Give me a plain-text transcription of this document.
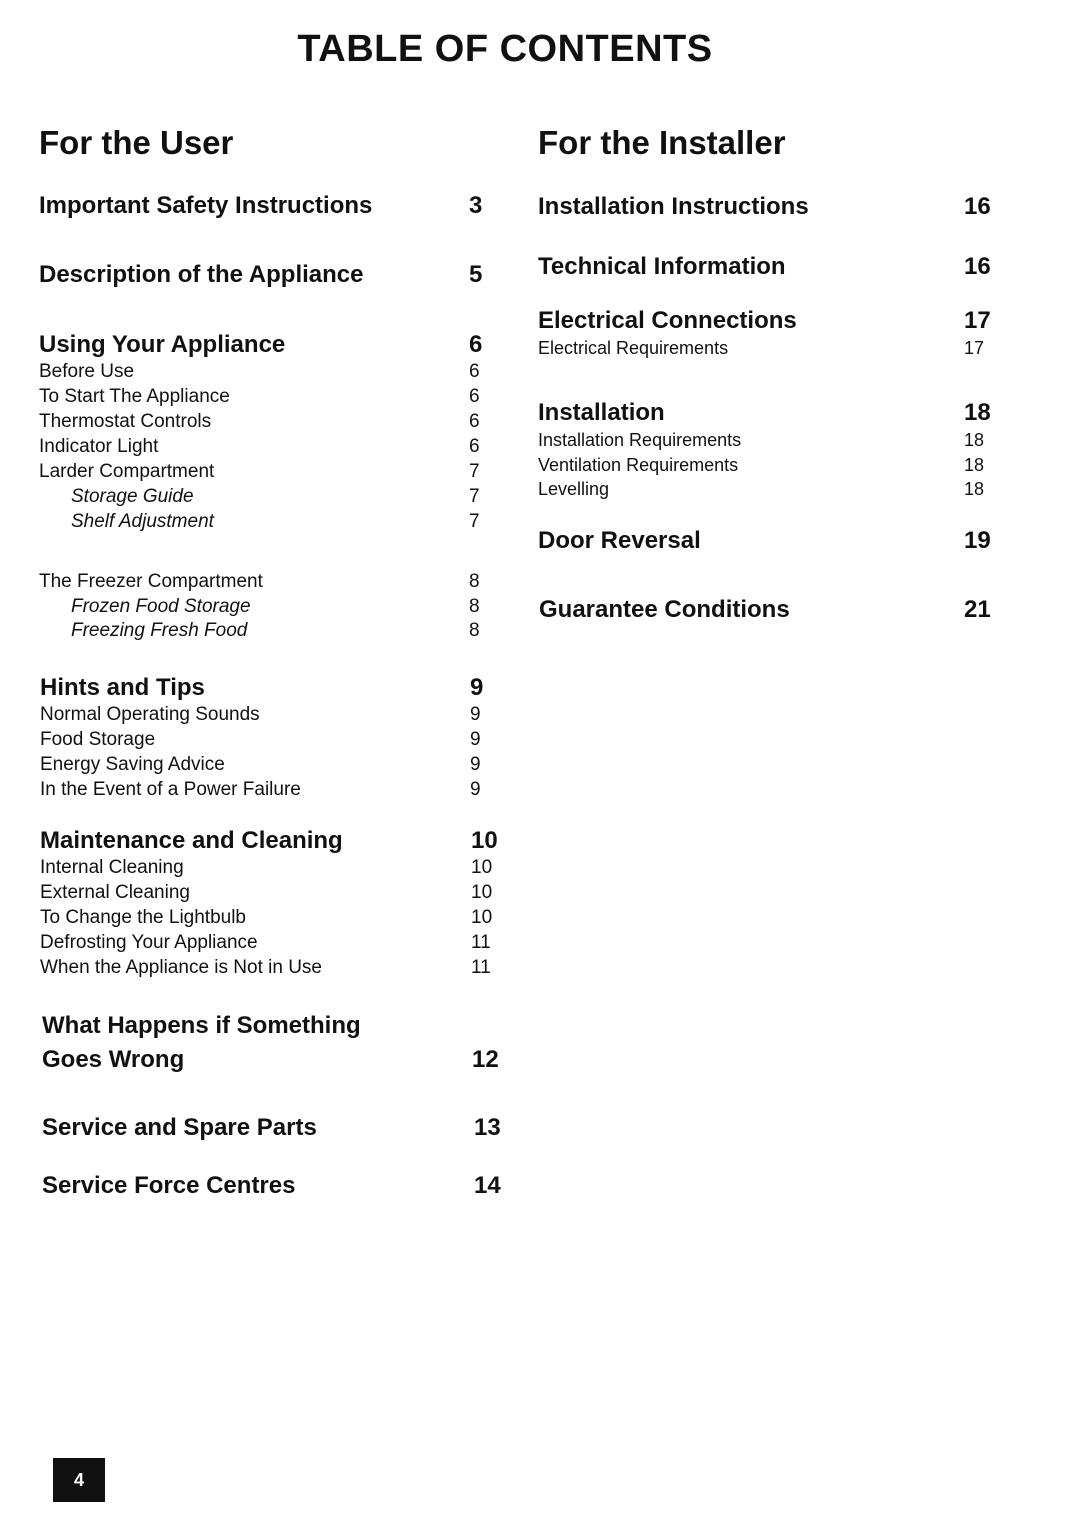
TABLE OF CONTENTS
For the User	For the Installer
Important Safety Instructions	3
Description of the Appliance	5
Using Your Appliance	6
Before Use	6
To Start The Appliance	6
Thermostat Controls	6
Indicator Light	6
Larder Compartment	7
Storage Guide	7
Shelf Adjustment	7
The Freezer Compartment	8
Frozen Food Storage	8
Freezing Fresh Food	8
Hints and Tips	9
Normal Operating Sounds	9
Food Storage	9
Energy Saving Advice	9
In the Event of a Power Failure	9
Maintenance and Cleaning	10
Internal Cleaning	10
External Cleaning	10
To Change the Lightbulb	10
Defrosting Your Appliance	11
When the Appliance is Not in Use	11
What Happens if Something
Goes Wrong	12
Service and Spare Parts	13
Service Force Centres	14
Installation Instructions	16
Technical Information	16
Electrical Connections	17
Electrical Requirements	17
Installation	18
Installation Requirements	18
Ventilation Requirements	18
Levelling	18
Door Reversal	19
Guarantee Conditions	21
4
